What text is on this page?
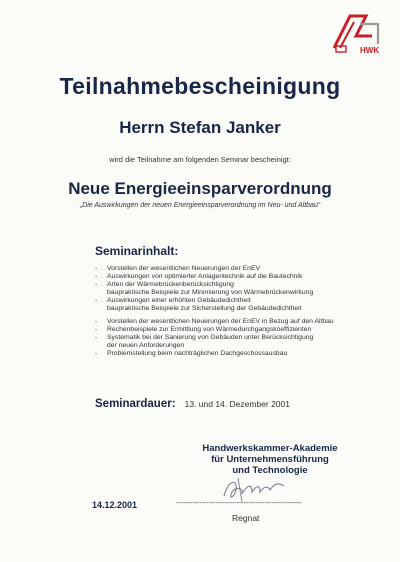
HWK
Teilnahmebescheinigung
Herrn Stefan Janker
wird die Teilnahme am folgenden Seminar bescheinigt:
Neue Energieeinsparverordnung
„Die Auswirkungen der neuen Energieeinsparverordnung im Neu- und Altbau“
Seminarinhalt:
- Vorstellen der wesentlichen Neuerungen der EnEV
- Auswirkungen von optimierter Anlagentechnik auf die Bautechnik
- Arten der Wärmebrückenberücksichtigung
baupraktische Beispiele zur Minimierung von Wärmebrückenwirkung
- Auswirkungen einer erhöhten Gebäudedichtheit
baupraktische Beispiele zur Sicherstellung der Gebäudedichtheit
- Vorstellen der wesentlichen Neuerungen der EnEV in Bezug auf den Altbau
- Rechenbeispiele zur Ermittlung von Wärmedurchgangskoeffizienten
- Systematik bei der Sanierung von Gebäuden unter Berücksichtigung
der neuen Anforderungen
- Problemstellung beim nachträglichen Dachgeschossausbau
Seminardauer: 13. und 14. Dezember 2001
Handwerkskammer-Akademie
für Unternehmensführung
und Technologie
14.12.2001	------------------------------------------------------
Regnat
